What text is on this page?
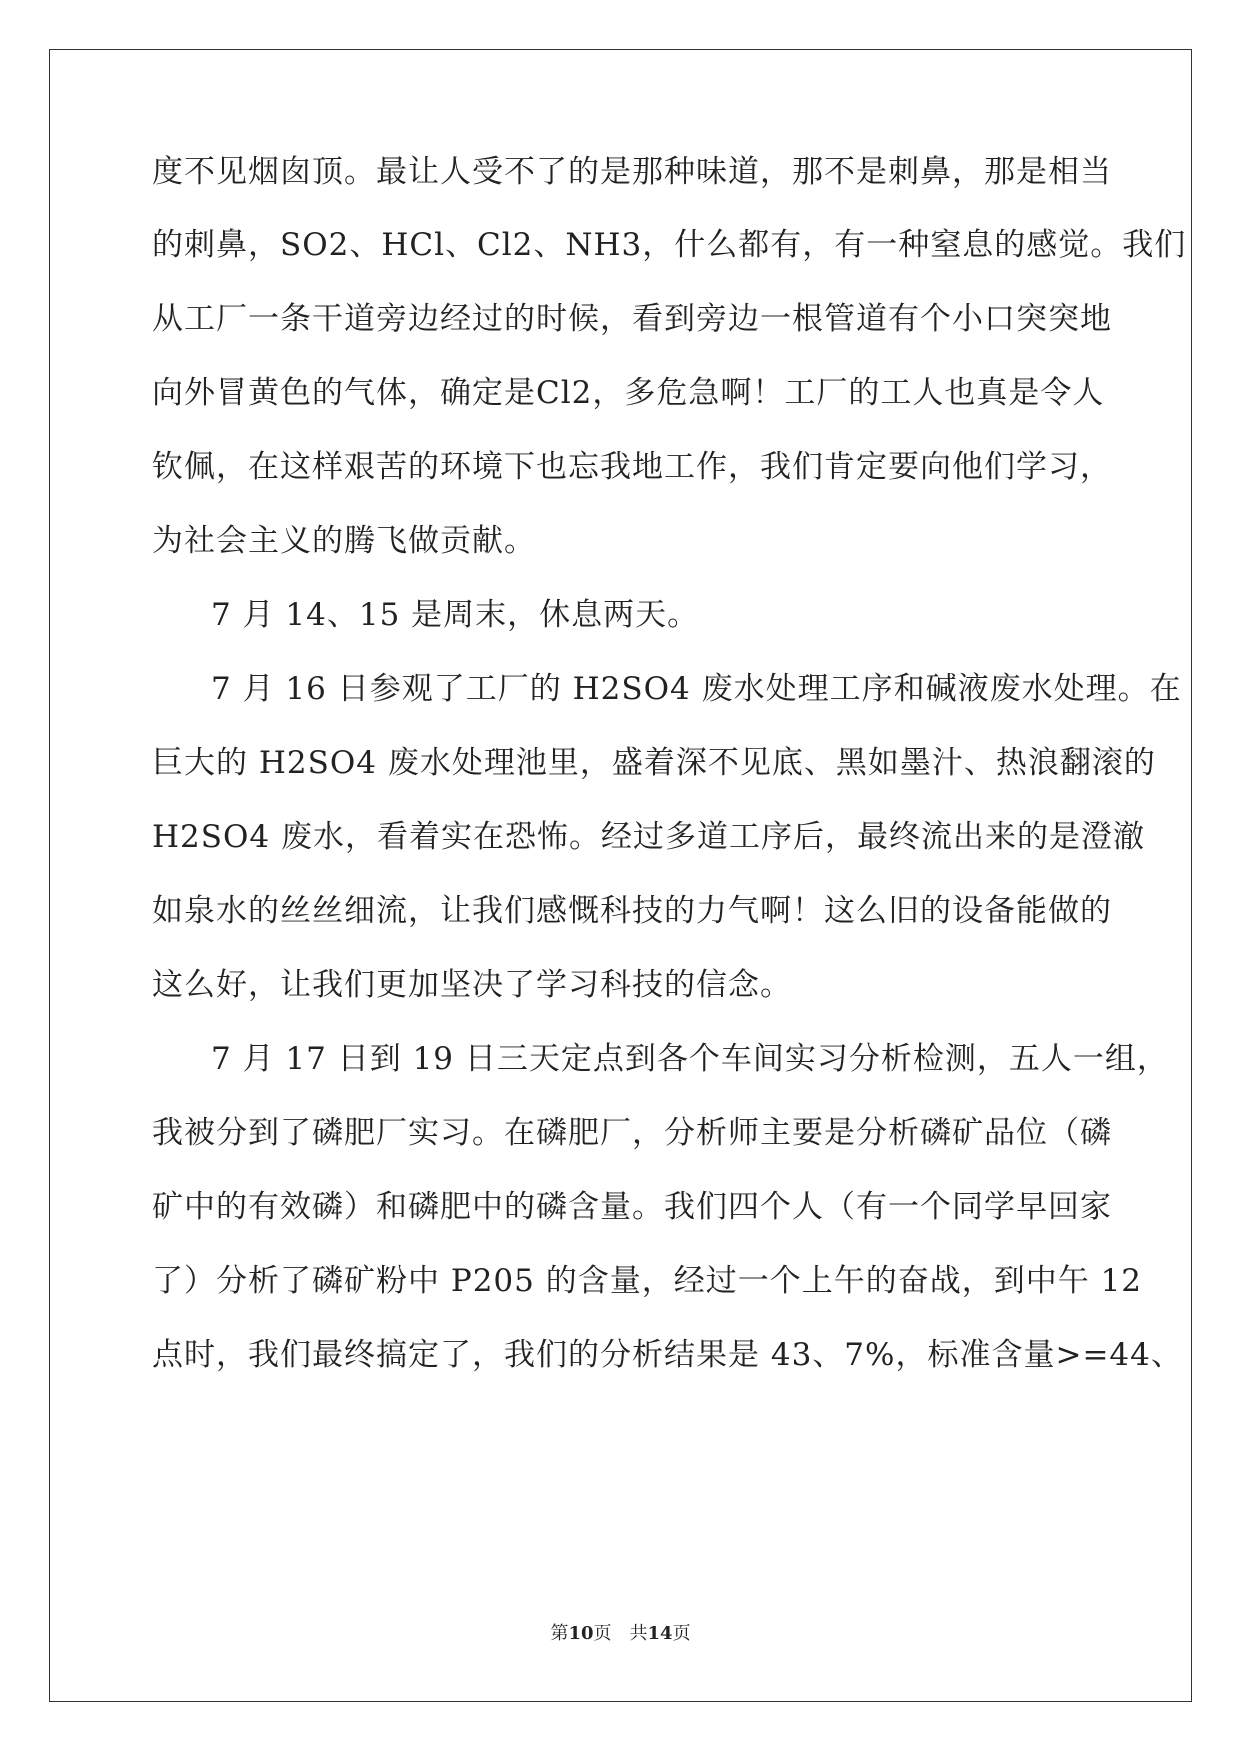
度不见烟囱顶。最让人受不了的是那种味道，那不是刺鼻，那是相当
的刺鼻，SO2、HCl、Cl2、NH3，什么都有，有一种窒息的感觉。我们
从工厂一条干道旁边经过的时候，看到旁边一根管道有个小口突突地
向外冒黄色的气体，确定是Cl2，多危急啊！工厂的工人也真是令人
钦佩，在这样艰苦的环境下也忘我地工作，我们肯定要向他们学习，
为社会主义的腾飞做贡献。
7 月 14、15 是周末，休息两天。
7 月 16 日参观了工厂的 H2SO4 废水处理工序和碱液废水处理。在
巨大的 H2SO4 废水处理池里，盛着深不见底、黑如墨汁、热浪翻滚的
H2SO4 废水，看着实在恐怖。经过多道工序后，最终流出来的是澄澈
如泉水的丝丝细流，让我们感慨科技的力气啊！这么旧的设备能做的
这么好，让我们更加坚决了学习科技的信念。
7 月 17 日到 19 日三天定点到各个车间实习分析检测，五人一组，
我被分到了磷肥厂实习。在磷肥厂，分析师主要是分析磷矿品位（磷
矿中的有效磷）和磷肥中的磷含量。我们四个人（有一个同学早回家
了）分析了磷矿粉中 P205 的含量，经过一个上午的奋战，到中午 12
点时，我们最终搞定了，我们的分析结果是 43、7%，标准含量>=44、
第10页　共14页
